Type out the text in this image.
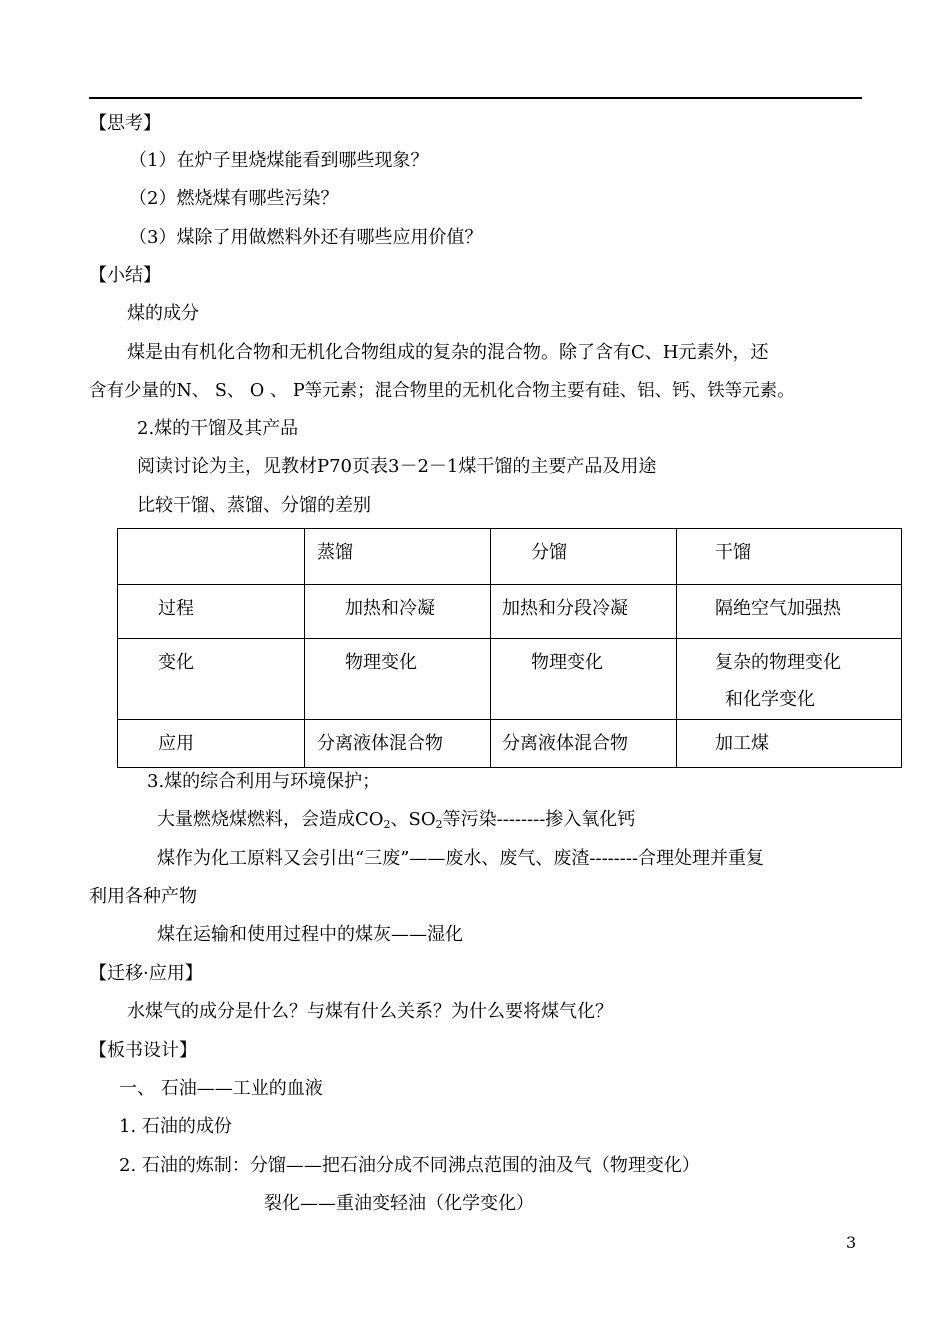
【思考】
（1）在炉子里烧煤能看到哪些现象？
（2）燃烧煤有哪些污染？
（3）煤除了用做燃料外还有哪些应用价值？
【小结】
煤的成分
煤是由有机化合物和无机化合物组成的复杂的混合物。除了含有C、H元素外，还
含有少量的N、 S、 O 、 P等元素；混合物里的无机化合物主要有硅、铝、钙、铁等元素。
2.煤的干馏及其产品
阅读讨论为主，见教材P70页表3－2－1煤干馏的主要产品及用途
比较干馏、蒸馏、分馏的差别

	蒸馏	分馏	干馏

过程	加热和冷凝	加热和分段冷凝	隔绝空气加强热

变化	物理变化	物理变化	复杂的物理变化
和化学变化

应用	分离液体混合物	分离液体混合物	加工煤
3.煤的综合利用与环境保护；
大量燃烧煤燃料，会造成$CO_2$、$SO_2$等污染--------掺入氧化钙
煤作为化工原料又会引出“三废”——废水、废气、废渣--------合理处理并重复
利用各种产物
煤在运输和使用过程中的煤灰——湿化
【迁移·应用】
水煤气的成分是什么？与煤有什么关系？为什么要将煤气化？
【板书设计】
一、 石油——工业的血液
1. 石油的成份
2. 石油的炼制：分馏——把石油分成不同沸点范围的油及气（物理变化）
裂化——重油变轻油（化学变化）
3
